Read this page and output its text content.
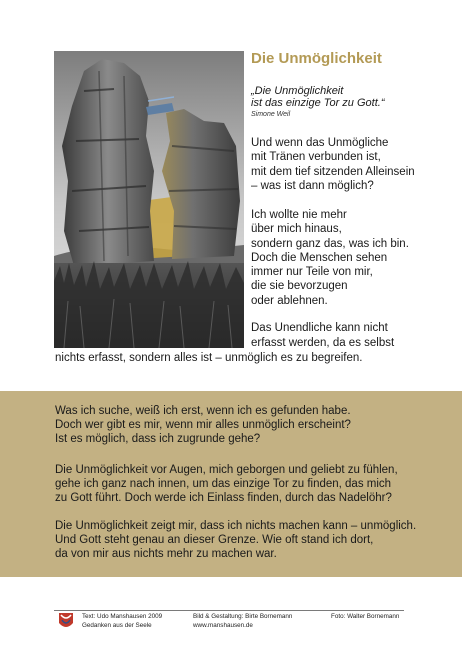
Die Unmöglichkeit
„Die Unmöglichkeit
ist das einzige Tor zu Gott.“
Simone Weil
Und wenn das Unmögliche
mit Tränen verbunden ist,
mit dem tief sitzenden Alleinsein
– was ist dann möglich?
Ich wollte nie mehr
über mich hinaus,
sondern ganz das, was ich bin.
Doch die Menschen sehen
immer nur Teile von mir,
die sie bevorzugen
oder ablehnen.
Das Unendliche kann nicht
erfasst werden, da es selbst
nichts erfasst, sondern alles ist – unmöglich es zu begreifen.
Was ich suche, weiß ich erst, wenn ich es gefunden habe.
Doch wer gibt es mir, wenn mir alles unmöglich erscheint?
Ist es möglich, dass ich zugrunde gehe?
Die Unmöglichkeit vor Augen, mich geborgen und geliebt zu fühlen,
gehe ich ganz nach innen, um das einzige Tor zu finden, das mich
zu Gott führt. Doch werde ich Einlass finden, durch das Nadelöhr?
Die Unmöglichkeit zeigt mir, dass ich nichts machen kann – unmöglich.
Und Gott steht genau an dieser Grenze. Wie oft stand ich dort,
da von mir aus nichts mehr zu machen war.
Text: Udo Manshausen 2009
Gedanken aus der Seele
Bild & Gestaltung: Birte Bornemann
www.manshausen.de
Foto: Walter Bornemann
